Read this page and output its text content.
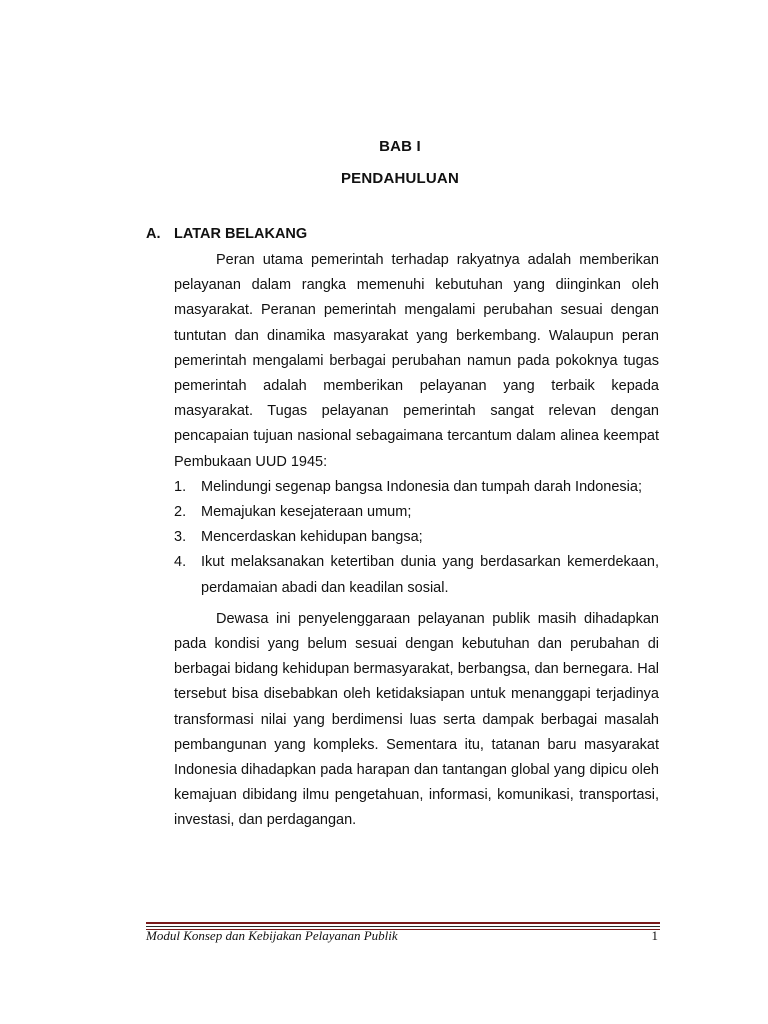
BAB I
PENDAHULUAN
A. LATAR BELAKANG

Peran utama pemerintah terhadap rakyatnya adalah memberikan pelayanan dalam rangka memenuhi kebutuhan yang diinginkan oleh masyarakat. Peranan pemerintah mengalami perubahan sesuai dengan tuntutan dan dinamika masyarakat yang berkembang. Walaupun peran pemerintah mengalami berbagai perubahan namun pada pokoknya tugas pemerintah adalah memberikan pelayanan yang terbaik kepada masyarakat. Tugas pelayanan pemerintah sangat relevan dengan pencapaian tujuan nasional sebagaimana tercantum dalam alinea keempat Pembukaan UUD 1945:

1. Melindungi segenap bangsa Indonesia dan tumpah darah Indonesia;
2. Memajukan kesejateraan umum;
3. Mencerdaskan kehidupan bangsa;
4. Ikut melaksanakan ketertiban dunia yang berdasarkan kemerdekaan, perdamaian abadi dan keadilan sosial.

Dewasa ini penyelenggaraan pelayanan publik masih dihadapkan pada kondisi yang belum sesuai dengan kebutuhan dan perubahan di berbagai bidang kehidupan bermasyarakat, berbangsa, dan bernegara. Hal tersebut bisa disebabkan oleh ketidaksiapan untuk menanggapi terjadinya transformasi nilai yang berdimensi luas serta dampak berbagai masalah pembangunan yang kompleks. Sementara itu, tatanan baru masyarakat Indonesia dihadapkan pada harapan dan tantangan global yang dipicu oleh kemajuan dibidang ilmu pengetahuan, informasi, komunikasi, transportasi, investasi, dan perdagangan.

Modul Konsep dan Kebijakan Pelayanan Publik	1
